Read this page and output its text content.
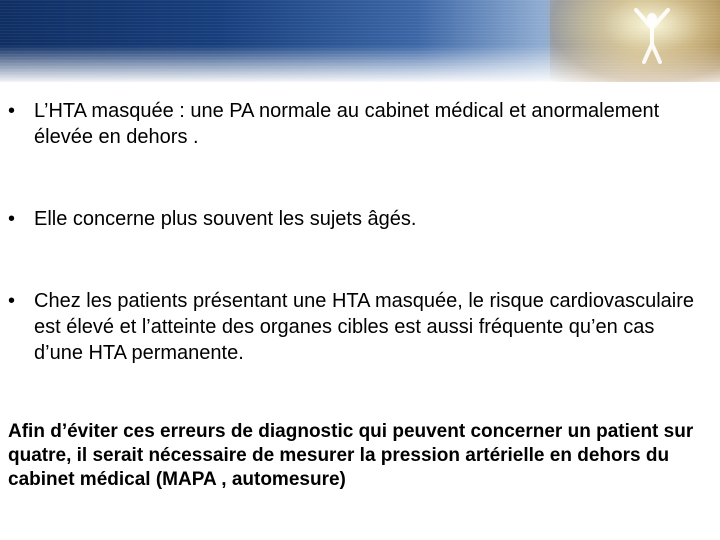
• L’HTA masquée : une PA normale au cabinet médical et anormalement élevée en dehors .
• Elle concerne plus souvent les sujets âgés.
• Chez les patients présentant une HTA masquée, le risque cardiovasculaire est élevé et l’atteinte des organes cibles est aussi fréquente qu’en cas d’une HTA permanente.
Afin d’éviter ces erreurs de diagnostic qui peuvent concerner un patient sur quatre, il serait nécessaire de mesurer la pression artérielle en dehors du cabinet médical (MAPA , automesure)
